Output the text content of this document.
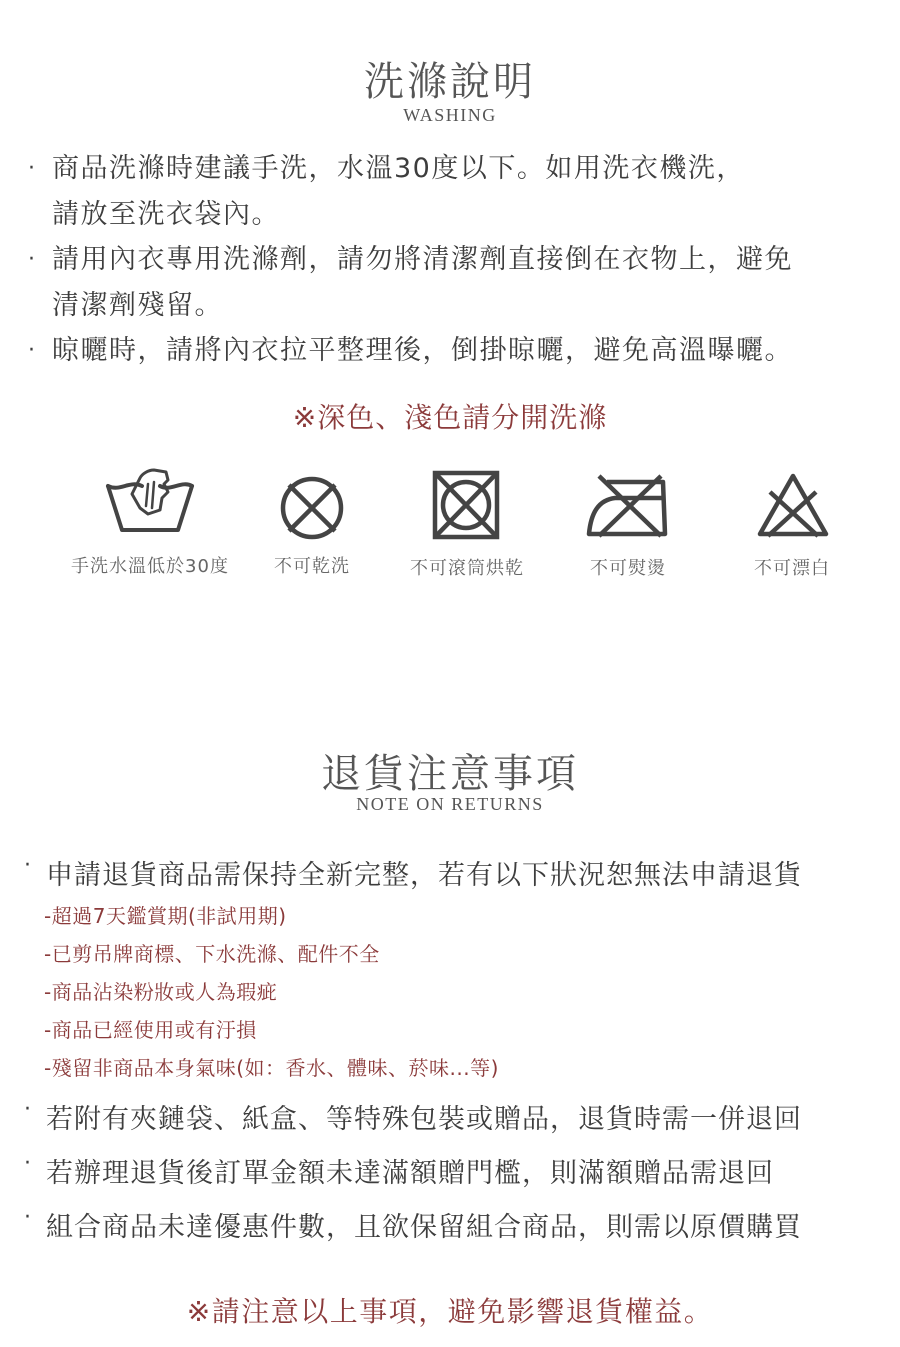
洗滌說明
WASHING
· 商品洗滌時建議手洗，水溫30度以下。如用洗衣機洗，
請放至洗衣袋內。
· 請用內衣專用洗滌劑，請勿將清潔劑直接倒在衣物上，避免
清潔劑殘留。
· 晾曬時，請將內衣拉平整理後，倒掛晾曬，避免高溫曝曬。
※深色、淺色請分開洗滌
手洗水溫低於30度	不可乾洗	不可滾筒烘乾	不可熨燙	不可漂白
退貨注意事項
NOTE ON RETURNS
· 申請退貨商品需保持全新完整，若有以下狀況恕無法申請退貨
-超過7天鑑賞期(非試用期)
-已剪吊牌商標、下水洗滌、配件不全
-商品沾染粉妝或人為瑕疵
-商品已經使用或有汙損
-殘留非商品本身氣味(如：香水、體味、菸味...等)
· 若附有夾鏈袋、紙盒、等特殊包裝或贈品，退貨時需一併退回
· 若辦理退貨後訂單金額未達滿額贈門檻，則滿額贈品需退回
· 組合商品未達優惠件數，且欲保留組合商品，則需以原價購買
※請注意以上事項，避免影響退貨權益。
